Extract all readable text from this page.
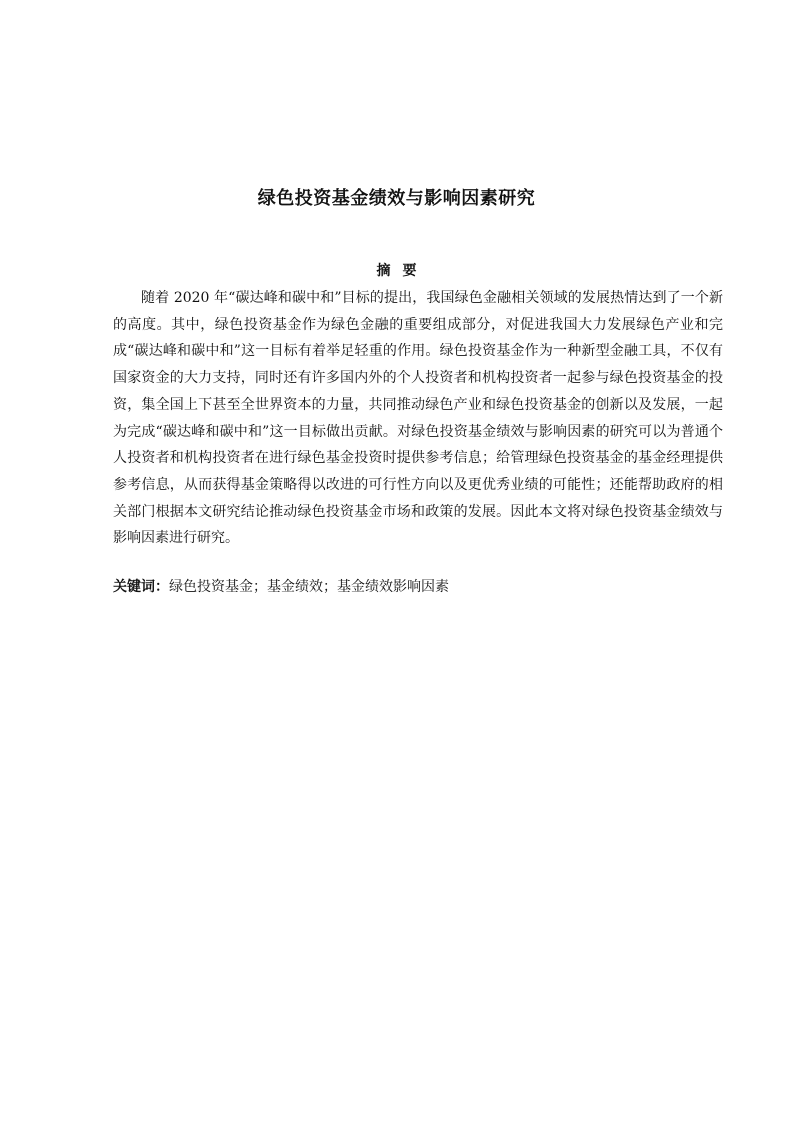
绿色投资基金绩效与影响因素研究
摘要

随着 2020 年“碳达峰和碳中和”目标的提出，我国绿色金融相关领域的发展热情达到了一个新的高度。其中，绿色投资基金作为绿色金融的重要组成部分，对促进我国大力发展绿色产业和完成“碳达峰和碳中和”这一目标有着举足轻重的作用。绿色投资基金作为一种新型金融工具，不仅有国家资金的大力支持，同时还有许多国内外的个人投资者和机构投资者一起参与绿色投资基金的投资，集全国上下甚至全世界资本的力量，共同推动绿色产业和绿色投资基金的创新以及发展，一起为完成“碳达峰和碳中和”这一目标做出贡献。对绿色投资基金绩效与影响因素的研究可以为普通个人投资者和机构投资者在进行绿色基金投资时提供参考信息；给管理绿色投资基金的基金经理提供参考信息，从而获得基金策略得以改进的可行性方向以及更优秀业绩的可能性；还能帮助政府的相关部门根据本文研究结论推动绿色投资基金市场和政策的发展。因此本文将对绿色投资基金绩效与影响因素进行研究。

关键词：绿色投资基金；基金绩效；基金绩效影响因素
